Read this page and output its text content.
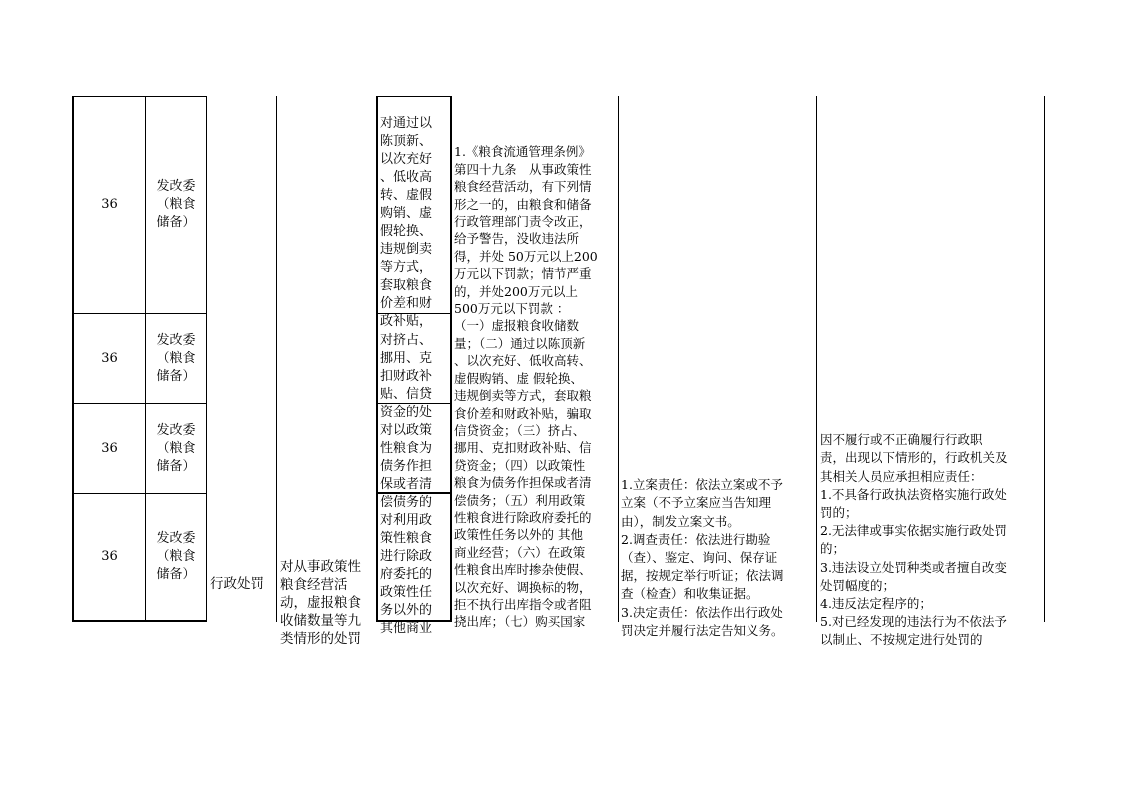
36
发改委
（粮食
储备）

对通过以
陈顶新、
以次充好
、低收高
转、虚假
购销、虚
假轮换、
违规倒卖
等方式，
套取粮食
价差和财
政补贴，

36
发改委
（粮食
储备）

对挤占、
挪用、克
扣财政补
贴、信贷
资金的处

36
发改委
（粮食
储备）

对以政策
性粮食为
债务作担
保或者清
偿债务的

36
发改委
（粮食
储备）

对利用政
策性粮食
进行除政
府委托的
政策性任
务以外的
其他商业

行政处罚

对从事政策性
粮食经营活
动，虚报粮食
收储数量等九
类情形的处罚

1.《粮食流通管理条例》
第四十九条　从事政策性
粮食经营活动，有下列情
形之一的，由粮食和储备
行政管理部门责令改正，
给予警告，没收违法所
得，并处 50万元以上200
万元以下罚款；情节严重
的，并处200万元以上
500万元以下罚款 ：
（一）虚报粮食收储数
量；（二）通过以陈顶新
、以次充好、低收高转、
虚假购销、虚 假轮换、
违规倒卖等方式，套取粮
食价差和财政补贴，骗取
信贷资金；（三）挤占、
挪用、克扣财政补贴、信
贷资金；（四）以政策性
粮食为债务作担保或者清
偿债务；（五）利用政策
性粮食进行除政府委托的
政策性任务以外的 其他
商业经营；（六）在政策
性粮食出库时掺杂使假、
以次充好、调换标的物，
拒不执行出库指令或者阻
挠出库；（七）购买国家

1.立案责任：依法立案或不予
立案（不予立案应当告知理
由），制发立案文书。
2.调查责任：依法进行勘验
（查）、鉴定、询问、保存证
据，按规定举行听证；依法调
查（检查）和收集证据。
3.决定责任：依法作出行政处
罚决定并履行法定告知义务。

因不履行或不正确履行行政职
责，出现以下情形的，行政机关及
其相关人员应承担相应责任：
1.不具备行政执法资格实施行政处
罚的；
2.无法律或事实依据实施行政处罚
的；
3.违法设立处罚种类或者擅自改变
处罚幅度的；
4.违反法定程序的；
5.对已经发现的违法行为不依法予
以制止、不按规定进行处罚的
